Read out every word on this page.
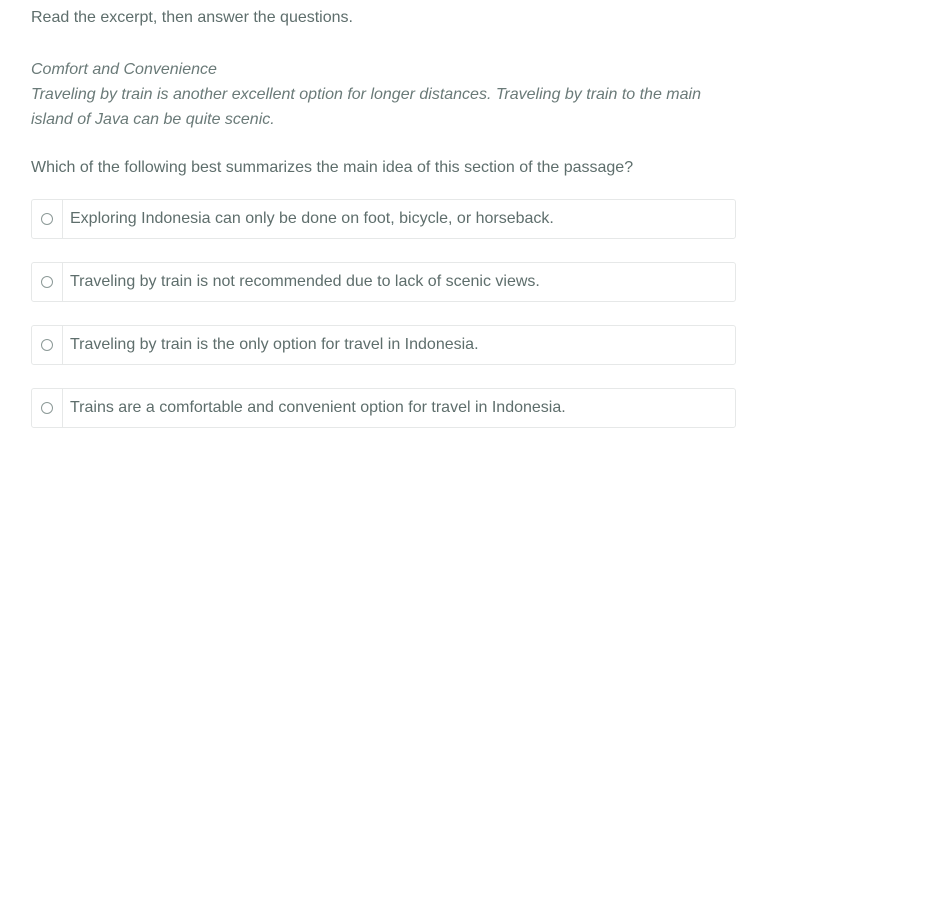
Read the excerpt, then answer the questions.

Comfort and Convenience
Traveling by train is another excellent option for longer distances. Traveling by train to the main island of Java can be quite scenic.

Which of the following best summarizes the main idea of this section of the passage?

Exploring Indonesia can only be done on foot, bicycle, or horseback.
Traveling by train is not recommended due to lack of scenic views.
Traveling by train is the only option for travel in Indonesia.
Trains are a comfortable and convenient option for travel in Indonesia.
